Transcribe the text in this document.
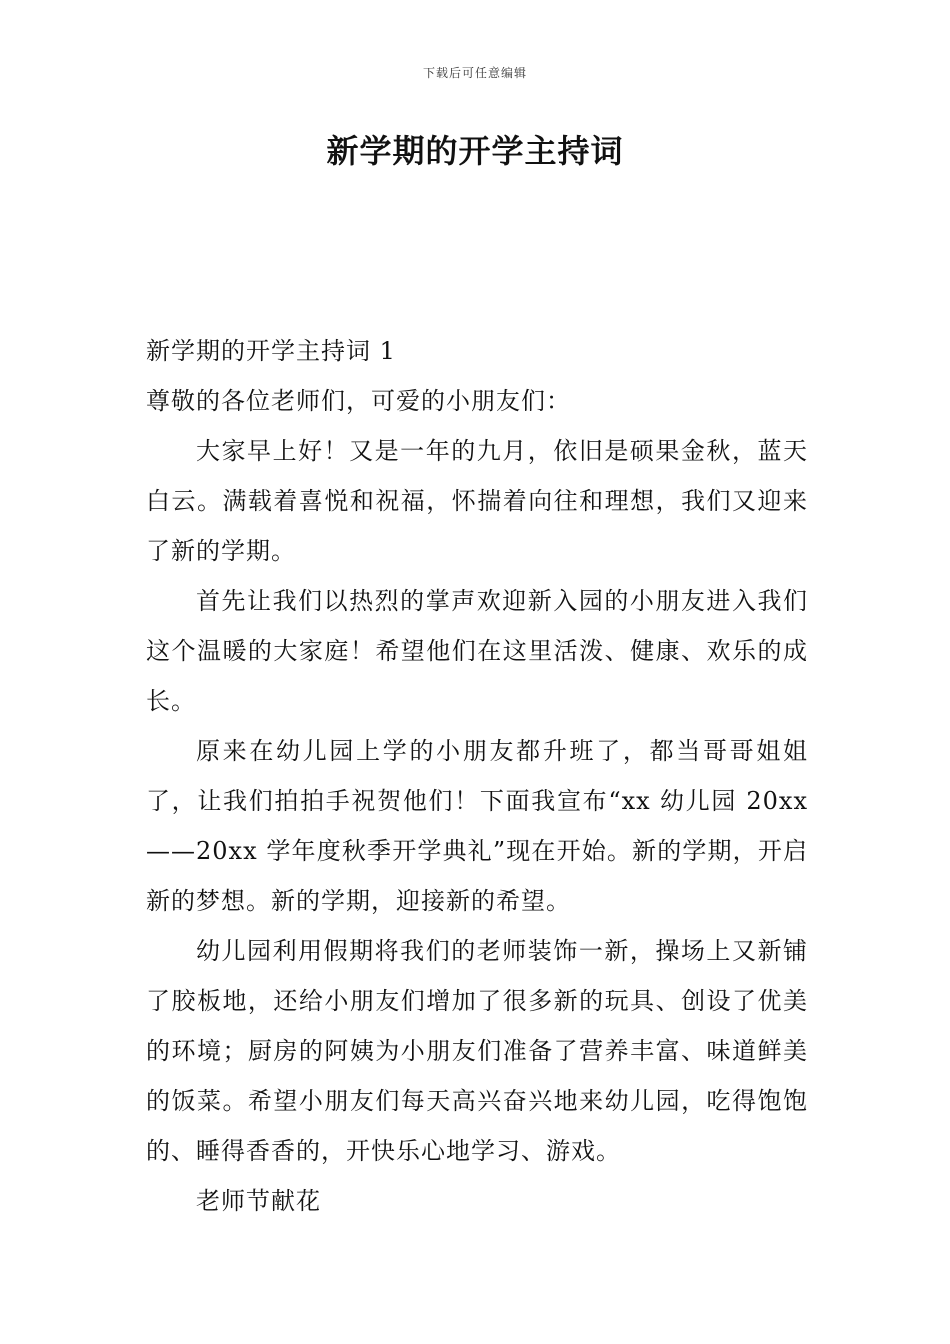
下载后可任意编辑
新学期的开学主持词

新学期的开学主持词 1

尊敬的各位老师们，可爱的小朋友们：

大家早上好！又是一年的九月，依旧是硕果金秋，蓝天白云。满载着喜悦和祝福，怀揣着向往和理想，我们又迎来了新的学期。

首先让我们以热烈的掌声欢迎新入园的小朋友进入我们这个温暖的大家庭！希望他们在这里活泼、健康、欢乐的成长。

原来在幼儿园上学的小朋友都升班了，都当哥哥姐姐了，让我们拍拍手祝贺他们！下面我宣布“xx 幼儿园 20xx——20xx 学年度秋季开学典礼”现在开始。新的学期，开启新的梦想。新的学期，迎接新的希望。

幼儿园利用假期将我们的老师装饰一新，操场上又新铺了胶板地，还给小朋友们增加了很多新的玩具、创设了优美的环境；厨房的阿姨为小朋友们准备了营养丰富、味道鲜美的饭菜。希望小朋友们每天高兴奋兴地来幼儿园，吃得饱饱的、睡得香香的，开快乐心地学习、游戏。

老师节献花
